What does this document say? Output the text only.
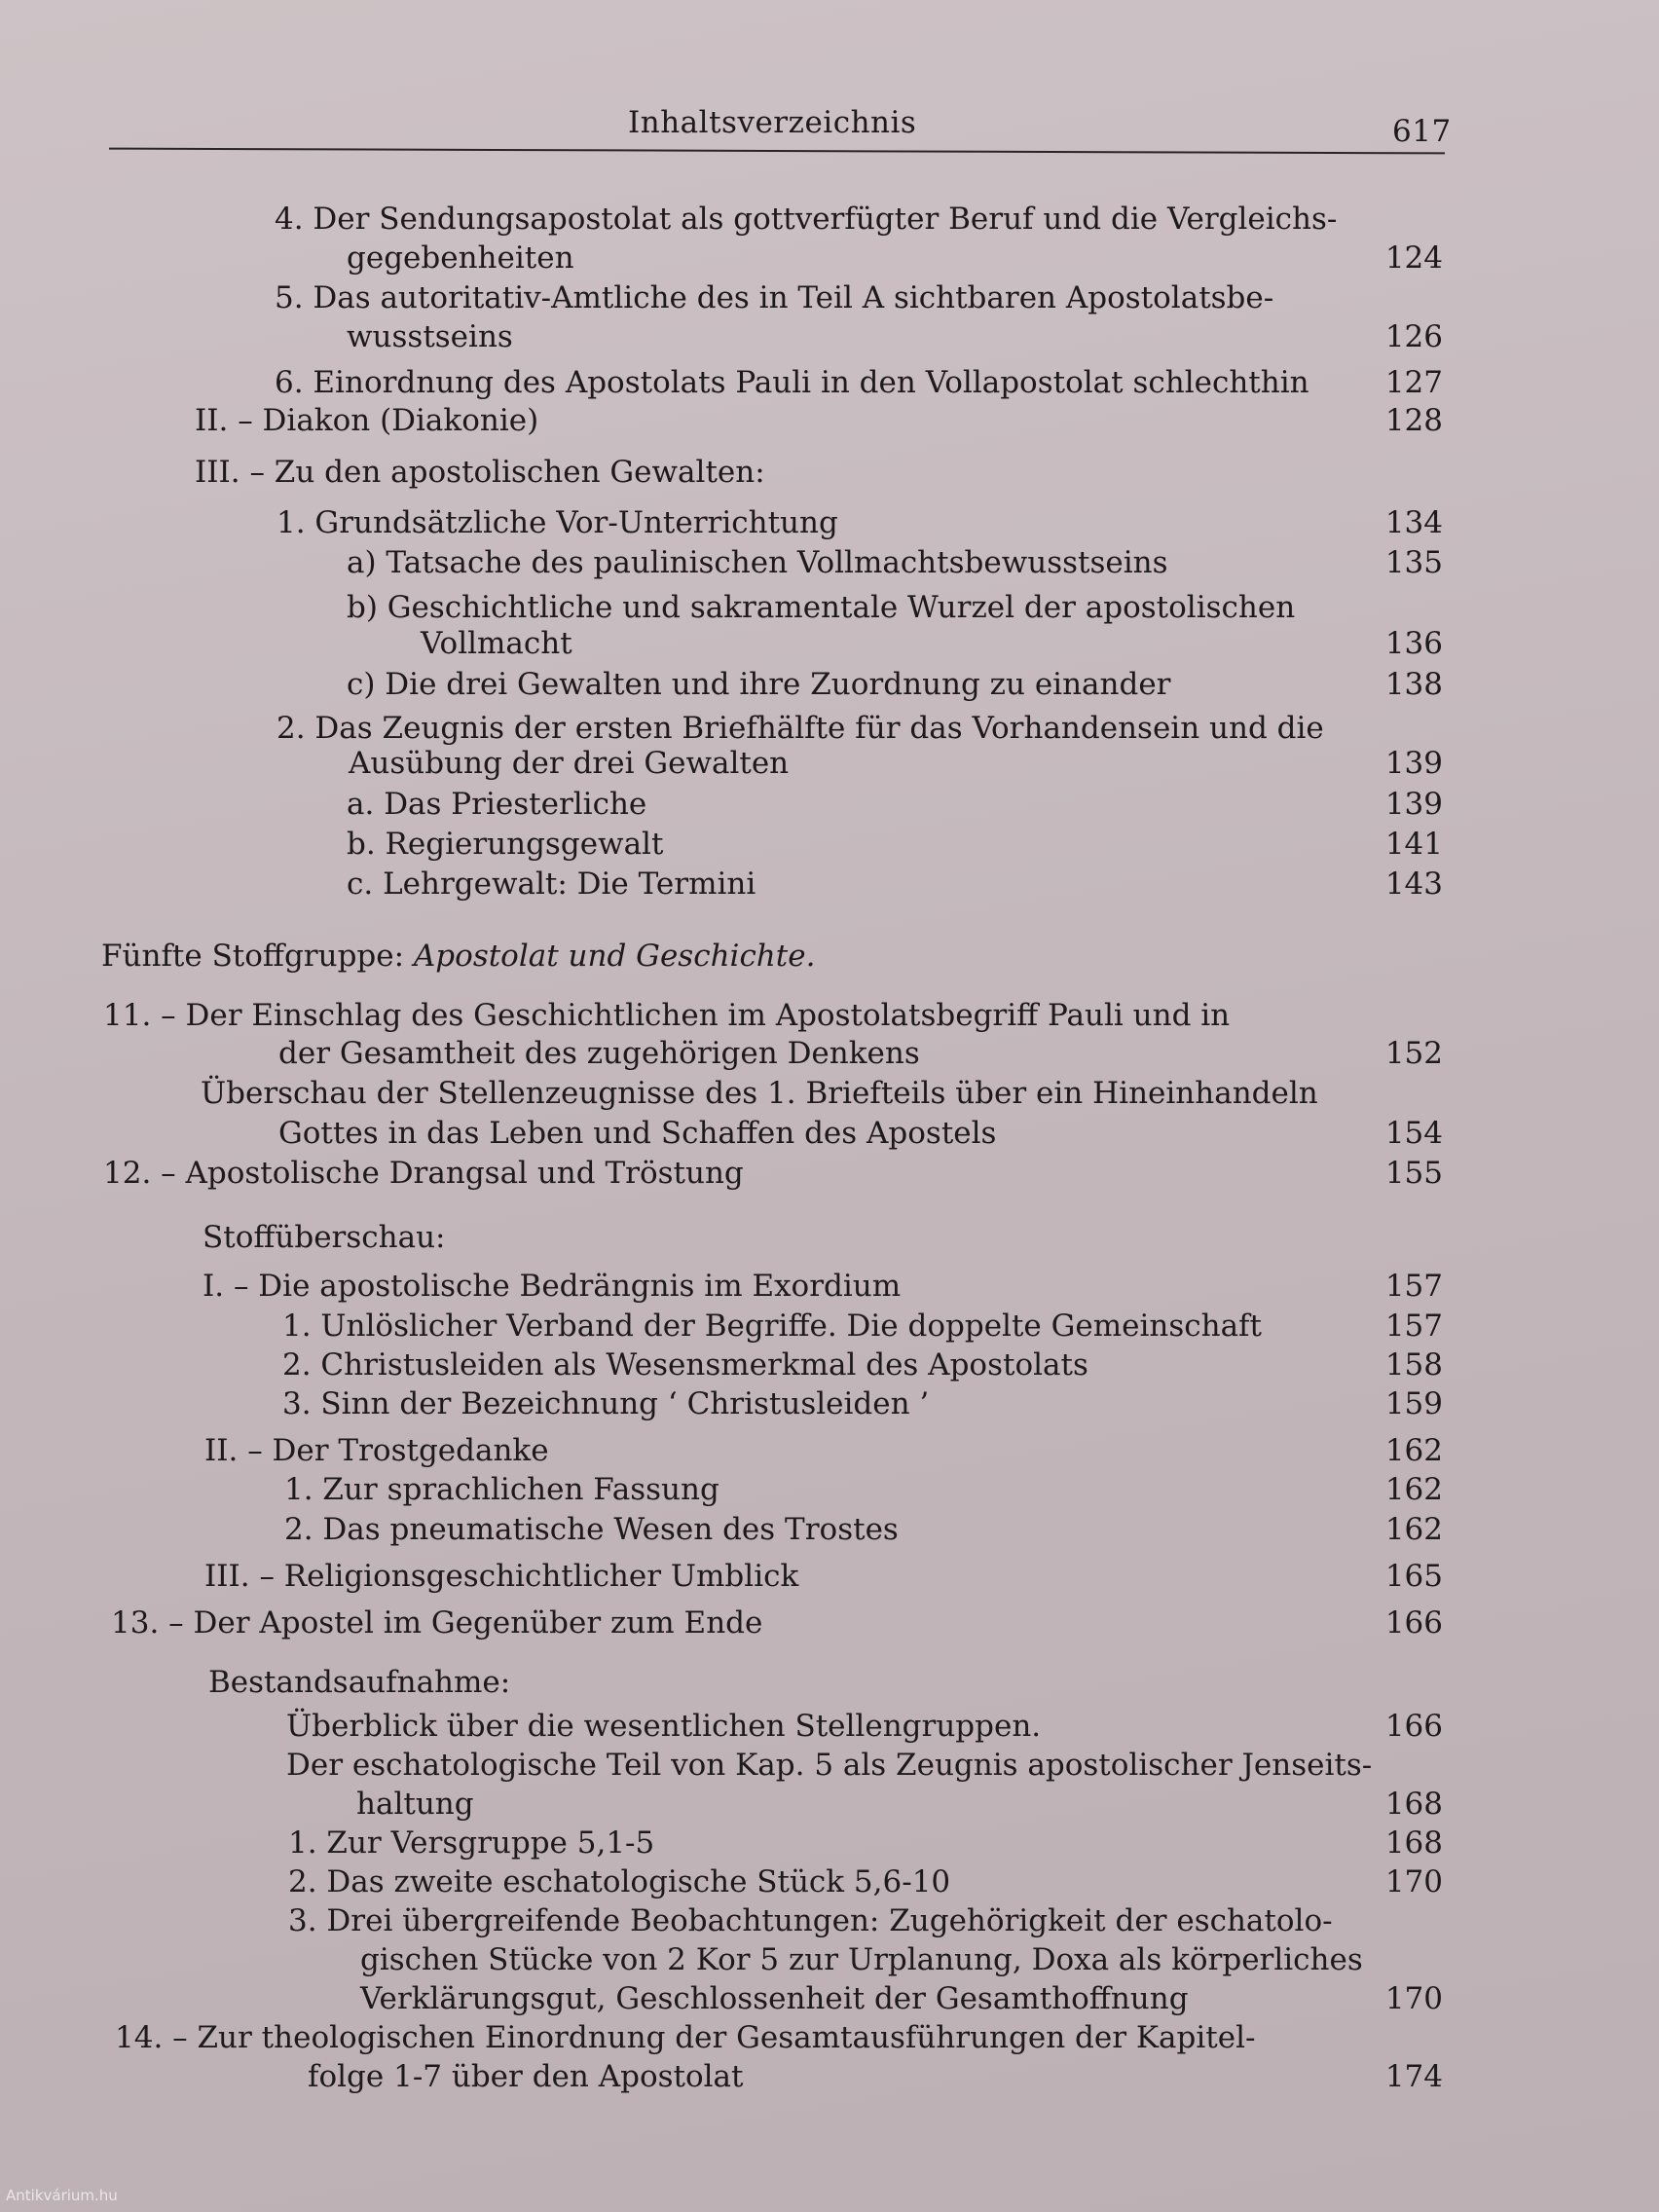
Inhaltsverzeichnis	617
4. Der Sendungsapostolat als gottverfügter Beruf und die Vergleichs-
gegebenheiten	124
5. Das autoritativ-Amtliche des in Teil A sichtbaren Apostolatsbe-
wusstseins	126
6. Einordnung des Apostolats Pauli in den Vollapostolat schlechthin	127
II. – Diakon (Diakonie)	128
III. – Zu den apostolischen Gewalten:
1. Grundsätzliche Vor-Unterrichtung	134
a) Tatsache des paulinischen Vollmachtsbewusstseins	135
b) Geschichtliche und sakramentale Wurzel der apostolischen
Vollmacht	136
c) Die drei Gewalten und ihre Zuordnung zu einander	138
2. Das Zeugnis der ersten Briefhälfte für das Vorhandensein und die
Ausübung der drei Gewalten	139
a. Das Priesterliche	139
b. Regierungsgewalt	141
c. Lehrgewalt: Die Termini	143
Fünfte Stoffgruppe: Apostolat und Geschichte.
11. – Der Einschlag des Geschichtlichen im Apostolatsbegriff Pauli und in
der Gesamtheit des zugehörigen Denkens	152
Überschau der Stellenzeugnisse des 1. Briefteils über ein Hineinhandeln
Gottes in das Leben und Schaffen des Apostels	154
12. – Apostolische Drangsal und Tröstung	155
Stoffüberschau:
I. – Die apostolische Bedrängnis im Exordium	157
1. Unlöslicher Verband der Begriffe. Die doppelte Gemeinschaft	157
2. Christusleiden als Wesensmerkmal des Apostolats	158
3. Sinn der Bezeichnung ‘ Christusleiden ’	159
II. – Der Trostgedanke	162
1. Zur sprachlichen Fassung	162
2. Das pneumatische Wesen des Trostes	162
III. – Religionsgeschichtlicher Umblick	165
13. – Der Apostel im Gegenüber zum Ende	166
Bestandsaufnahme:
Überblick über die wesentlichen Stellengruppen.	166
Der eschatologische Teil von Kap. 5 als Zeugnis apostolischer Jenseits-
haltung	168
1. Zur Versgruppe 5,1-5	168
2. Das zweite eschatologische Stück 5,6-10	170
3. Drei übergreifende Beobachtungen: Zugehörigkeit der eschatolo-
gischen Stücke von 2 Kor 5 zur Urplanung, Doxa als körperliches
Verklärungsgut, Geschlossenheit der Gesamthoffnung	170
14. – Zur theologischen Einordnung der Gesamtausführungen der Kapitel-
folge 1-7 über den Apostolat	174
Antikvárium.hu
